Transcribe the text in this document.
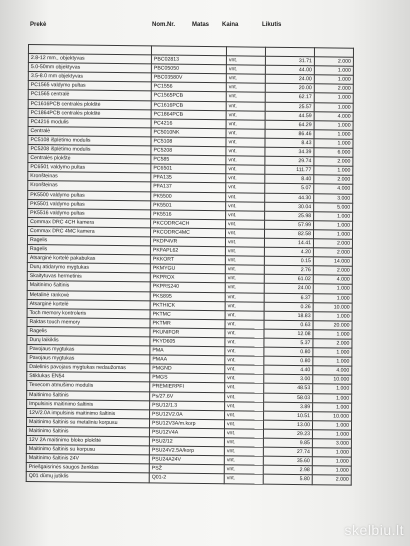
Prekė	Nom.Nr.	Matas Kaina	Likutis

2.8-12 mm., objektyvas	PBC02813	vnt.	31.71	2.000
5.0-50mm objektyvas	PBC05050	vnt.	44.00	1.000
3.5-8.0 mm objektyvas	PBC03580V	vnt.	24.00	1.000
PC1565 valdymo pultas	PC1556	vnt.	20.00	2.000
PC1565 centralė	PC1565PCB	vnt.	62.17	1.000
PC1616PCB centralės plokštė	PC1616PCB	vnt.	25.57	1.000
PC1864PCB centralės plokštė	PC1864PCB	vnt.	44.59	4.000
PC4216 modulis	PC4216	vnt.	64.29	1.000
Centralė	PC5010NK	vnt.	86.46	1.000
PC5108 išplėtimo modulis	PC5108	vnt.	8.43	1.000
PC5208 išplėtimo modulis	PC5208	vnt.	34.39	6.000
Centralės plokštė	PC585	vnt.	29.74	2.000
PC6501 valdymo pultas	PC6501	vnt.	111.77	1.000
Kronšteinas	PFA135	vnt.	8.40	2.000
Kronšteinas	PFA137	vnt.	5.07	4.000
PK5500 valdymo pultas	PK5500	vnt.	44.30	3.000
PK5501 valdymo pultas	PK5501	vnt.	30.04	5.000
PK5516 valdymo pultas	PK5516	vnt.	25.98	1.000
Commax DRC 4CH kamera	PKCODRC4CH	vnt.	57.99	1.000
Commax DRC 4MC kamera	PKCODRC4MC	vnt.	82.58	1.000
Ragelis	PKDP4VR	vnt.	14.41	2.000
Ragelis	PKFAPL62	vnt.	4.20	2.000
Atsarginė kortelė pakabukas	PKKORT	vnt.	0.15	14.000
Durų atidarymo mygtukas	PKMYGU	vnt.	2.76	2.000
Skaitytuvas hermetinis	PKPROX	vnt.	61.02	4.000
Maitinimo šaltinis	PKPRS240	vnt.	24.00	1.000
Metalinė rankovė	PKS895	vnt.	6.37	1.000
Atsarginė kortelė	PKTHICK	vnt.	0.26	10.000
Toch memory kontroleris	PKTMC	vnt.	18.83	1.000
Raktas touch memory	PKTMR	vnt.	0.63	20.000
Ragelis	PKUNIFOR	vnt.	12.08	1.000
Durų laikiklis	PKYD605	vnt.	5.37	2.000
Pavojaus mygtukas	PMA	vnt.	0.80	1.000
Pavojaus mygtukas	PMAA	vnt.	0.80	1.000
Dalelinis pavojaus mygtukas nedaužomas	PMGND	vnt.	4.40	4.000
Stiklukas EN54	PMGS	vnt.	3.00	10.000
Texecom atmušimo modulis	PREMIERPFI	vnt.	48.53	1.000
Maitinimo šaltinis	Ps/27.6V	vnt.	58.03	1.000
Impulsinis maitinimo šaltinis	PSU12/1.3	vnt.	3.89	1.000
12V/2.0A impulsinis maitinimo šaltinis	PSU12V2.0A	vnt.	10.51	10.000
Maitinimo šaltinis su metaliniu korpusu	PSU12V3A/m.korp	vnt.	13.00	1.000
Maitinimo šaltinis	PSU12V4A	vnt.	29.23	1.000
12V 2A maitinimo bloko plokštė	PSU2/12	vnt.	9.85	3.000
Maitinimo šaltinis su korpusu	PSU24V2.5A/korp	vnt.	27.74	1.000
Maitinimo šaltinis 24V	PSU24A24V	vnt.	35.60	1.000
Priešgaisrinės saugos ženklas	PSŽ	vnt.	2.98	1.000
Q01 dūmų jutiklis	Q01-2	vnt.	5.80	2.000
skelbiu.lt
